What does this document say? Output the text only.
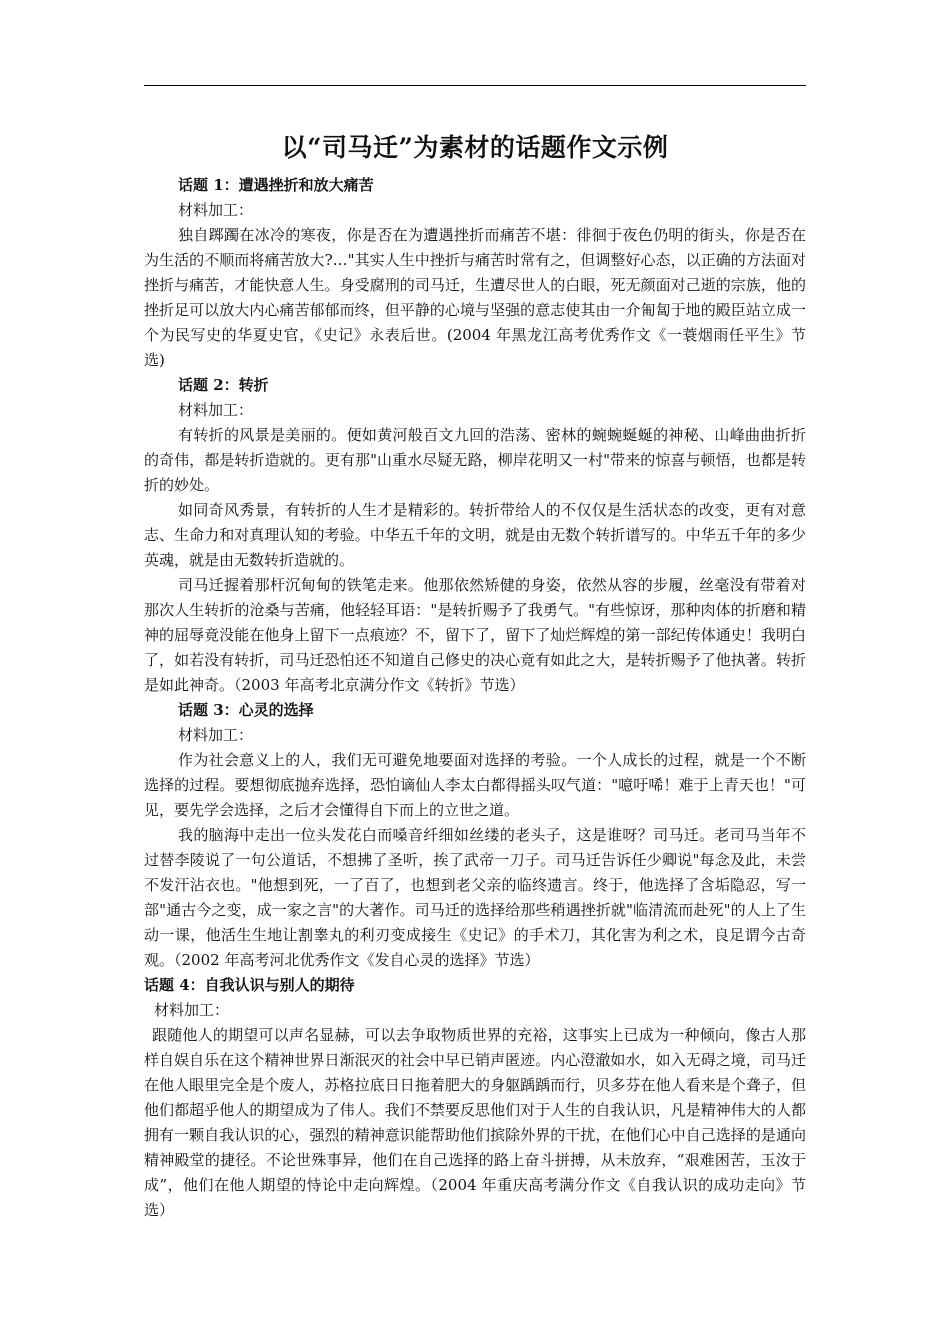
以“司马迁”为素材的话题作文示例

话题 1：遭遇挫折和放大痛苦

材料加工：

独自踯躅在冰冷的寒夜，你是否在为遭遇挫折而痛苦不堪：徘徊于夜色仍明的街头，你是否在为生活的不顺而将痛苦放大?…"其实人生中挫折与痛苦时常有之，但调整好心态，以正确的方法面对挫折与痛苦，才能快意人生。身受腐刑的司马迁，生遭尽世人的白眼，死无颜面对己逝的宗族，他的挫折足可以放大内心痛苦郁郁而终，但平静的心境与坚强的意志使其由一介匍匐于地的殿臣站立成一个为民写史的华夏史官，《史记》永表后世。(2004 年黑龙江高考优秀作文《一蓑烟雨任平生》节选)

话题 2：转折

材料加工：

有转折的风景是美丽的。便如黄河般百文九回的浩荡、密林的蜿蜿蜒蜒的神秘、山峰曲曲折折的奇伟，都是转折造就的。更有那"山重水尽疑无路，柳岸花明又一村"带来的惊喜与顿悟，也都是转折的妙处。

如同奇风秀景，有转折的人生才是精彩的。转折带给人的不仅仅是生活状态的改变，更有对意志、生命力和对真理认知的考验。中华五千年的文明，就是由无数个转折谱写的。中华五千年的多少英魂，就是由无数转折造就的。

司马迁握着那杆沉甸甸的铁笔走来。他那依然矫健的身姿，依然从容的步履，丝毫没有带着对那次人生转折的沧桑与苦痛，他轻轻耳语："是转折赐予了我勇气。"有些惊讶，那种肉体的折磨和精神的屈辱竟没能在他身上留下一点痕迹？不，留下了，留下了灿烂辉煌的第一部纪传体通史！我明白了，如若没有转折，司马迁恐怕还不知道自己修史的决心竟有如此之大，是转折赐予了他执著。转折是如此神奇。（2003 年高考北京满分作文《转折》节选）

话题 3：心灵的选择

材料加工：

作为社会意义上的人，我们无可避免地要面对选择的考验。一个人成长的过程，就是一个不断选择的过程。要想彻底抛弃选择，恐怕谪仙人李太白都得摇头叹气道："噫吁唏！难于上青天也！"可见，要先学会选择，之后才会懂得自下而上的立世之道。

我的脑海中走出一位头发花白而嗓音纤细如丝缕的老头子，这是谁呀？司马迁。老司马当年不过替李陵说了一句公道话，不想拂了圣听，挨了武帝一刀子。司马迁告诉任少卿说"每念及此，未尝不发汗沾衣也。"他想到死，一了百了，也想到老父亲的临终遗言。终于，他选择了含垢隐忍，写一部"通古今之变，成一家之言"的大著作。司马迁的选择给那些稍遇挫折就"临清流而赴死"的人上了生动一课，他活生生地让割睾丸的利刃变成接生《史记》的手术刀，其化害为利之术，良足谓今古奇观。（2002 年高考河北优秀作文《发自心灵的选择》节选）

话题 4：自我认识与别人的期待

材料加工：

跟随他人的期望可以声名显赫，可以去争取物质世界的充裕，这事实上已成为一种倾向，像古人那样自娱自乐在这个精神世界日渐泯灭的社会中早已销声匿迹。内心澄澈如水，如入无碍之境，司马迁在他人眼里完全是个废人，苏格拉底日日拖着肥大的身躯踽踽而行，贝多芬在他人看来是个聋子，但他们都超乎他人的期望成为了伟人。我们不禁要反思他们对于人生的自我认识，凡是精神伟大的人都拥有一颗自我认识的心，强烈的精神意识能帮助他们摈除外界的干扰，在他们心中自己选择的是通向精神殿堂的捷径。不论世殊事异，他们在自己选择的路上奋斗拼搏，从未放弃，“艰难困苦，玉汝于成”，他们在他人期望的恃论中走向辉煌。（2004 年重庆高考满分作文《自我认识的成功走向》节选）
